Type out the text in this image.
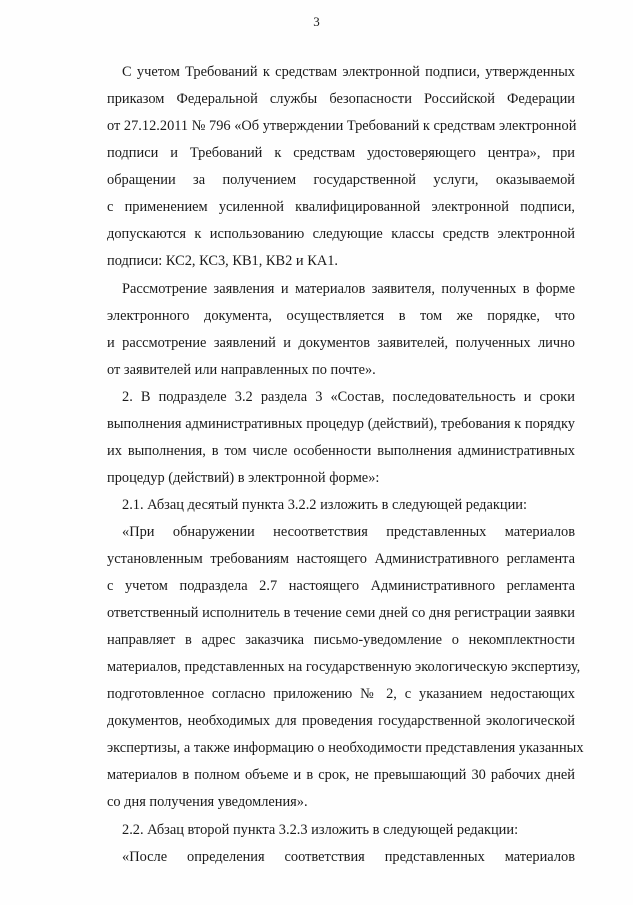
3
С учетом Требований к средствам электронной подписи, утвержденных
приказом Федеральной службы безопасности Российской Федерации
от 27.12.2011 № 796 «Об утверждении Требований к средствам электронной
подписи и Требований к средствам удостоверяющего центра», при
обращении за получением государственной услуги, оказываемой
с применением усиленной квалифицированной электронной подписи,
допускаются к использованию следующие классы средств электронной
подписи: КС2, КС3, КВ1, КВ2 и КА1.
Рассмотрение заявления и материалов заявителя, полученных в форме
электронного документа, осуществляется в том же порядке, что
и рассмотрение заявлений и документов заявителей, полученных лично
от заявителей или направленных по почте».
2. В подразделе 3.2 раздела 3 «Состав, последовательность и сроки
выполнения административных процедур (действий), требования к порядку
их выполнения, в том числе особенности выполнения административных
процедур (действий) в электронной форме»:
2.1. Абзац десятый пункта 3.2.2 изложить в следующей редакции:
«При обнаружении несоответствия представленных материалов
установленным требованиям настоящего Административного регламента
с учетом подраздела 2.7 настоящего Административного регламента
ответственный исполнитель в течение семи дней со дня регистрации заявки
направляет в адрес заказчика письмо-уведомление о некомплектности
материалов, представленных на государственную экологическую экспертизу,
подготовленное согласно приложению № 2, с указанием недостающих
документов, необходимых для проведения государственной экологической
экспертизы, а также информацию о необходимости представления указанных
материалов в полном объеме и в срок, не превышающий 30 рабочих дней
со дня получения уведомления».
2.2. Абзац второй пункта 3.2.3 изложить в следующей редакции:
«После определения соответствия представленных материалов
